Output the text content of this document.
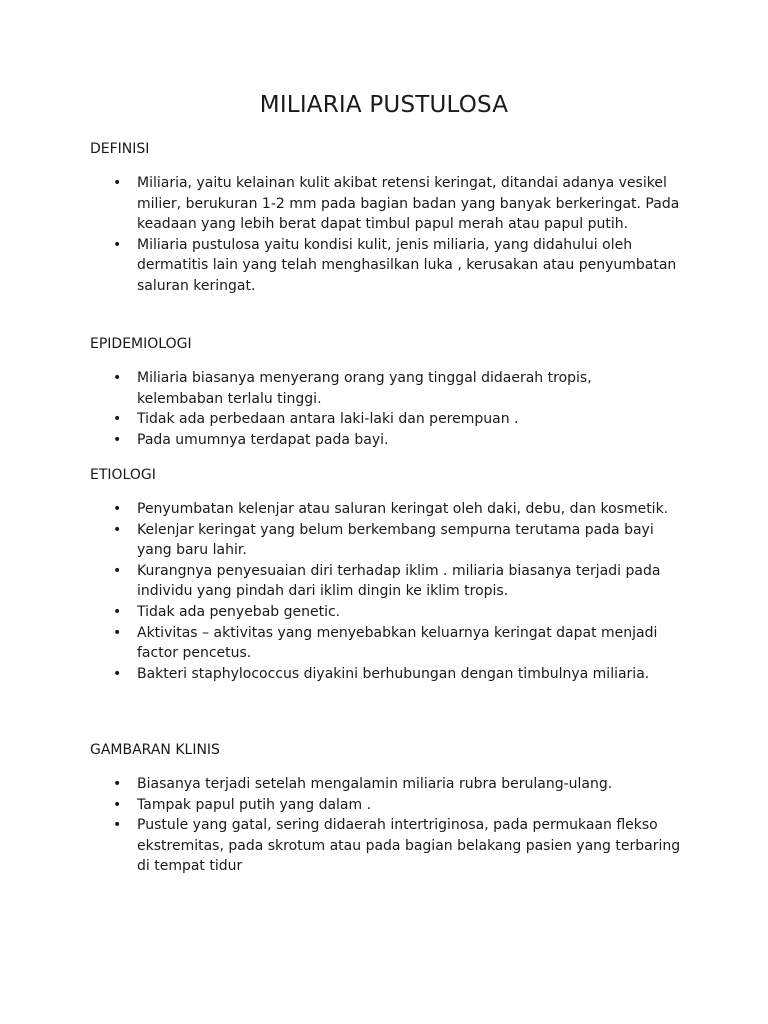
MILIARIA PUSTULOSA
DEFINISI
• Miliaria, yaitu kelainan kulit akibat retensi keringat, ditandai adanya vesikel milier, berukuran 1-2 mm pada bagian badan yang banyak berkeringat. Pada keadaan yang lebih berat dapat timbul papul merah atau papul putih.
• Miliaria pustulosa yaitu kondisi kulit, jenis miliaria, yang didahului oleh dermatitis lain yang telah menghasilkan luka , kerusakan atau penyumbatan saluran keringat.
EPIDEMIOLOGI
• Miliaria biasanya menyerang orang yang tinggal didaerah tropis, kelembaban terlalu tinggi.
• Tidak ada perbedaan antara laki-laki dan perempuan .
• Pada umumnya terdapat pada bayi.
ETIOLOGI
• Penyumbatan kelenjar atau saluran keringat oleh daki, debu, dan kosmetik.
• Kelenjar keringat yang belum berkembang sempurna terutama pada bayi yang baru lahir.
• Kurangnya penyesuaian diri terhadap iklim . miliaria biasanya terjadi pada individu yang pindah dari iklim dingin ke iklim tropis.
• Tidak ada penyebab genetic.
• Aktivitas – aktivitas yang menyebabkan keluarnya keringat dapat menjadi factor pencetus.
• Bakteri staphylococcus diyakini berhubungan dengan timbulnya miliaria.
GAMBARAN KLINIS
• Biasanya terjadi setelah mengalamin miliaria rubra berulang-ulang.
• Tampak papul putih yang dalam .
• Pustule yang gatal, sering didaerah intertriginosa, pada permukaan flekso ekstremitas, pada skrotum atau pada bagian belakang pasien yang terbaring di tempat tidur
